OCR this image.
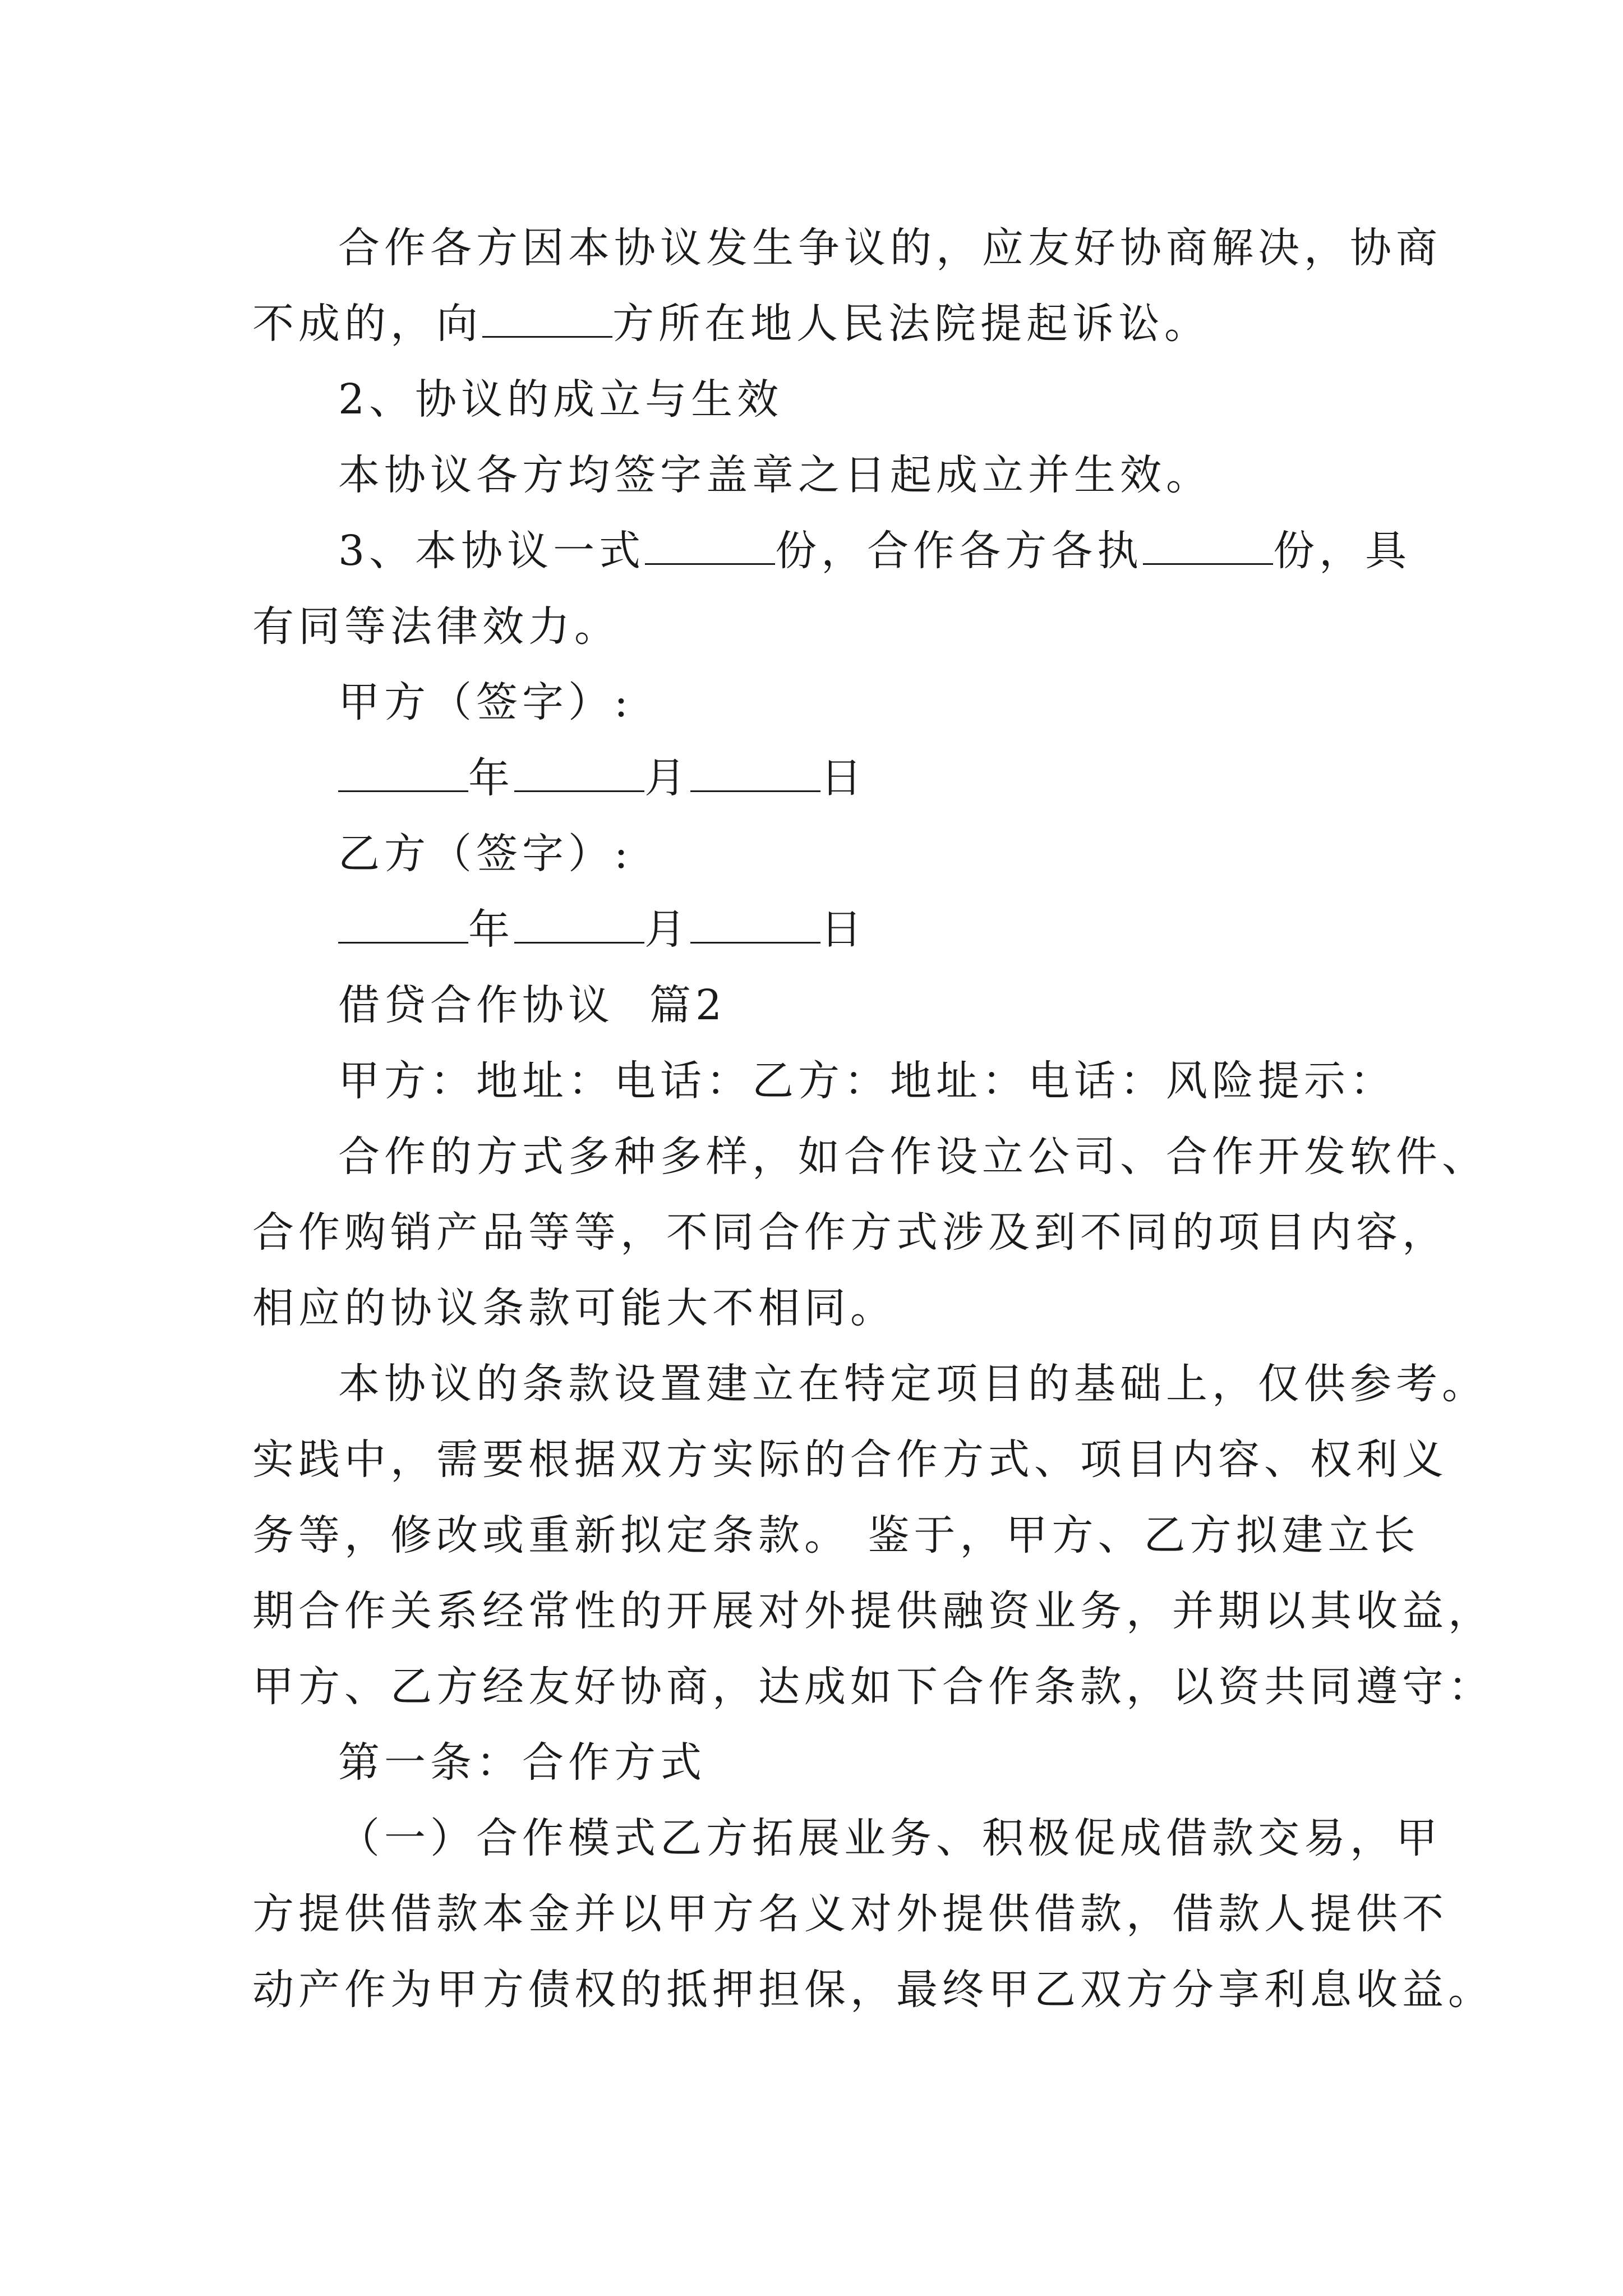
合作各方因本协议发生争议的，应友好协商解决，协商
不成的，向	方所在地人民法院提起诉讼。
2、协议的成立与生效
本协议各方均签字盖章之日起成立并生效。
3、本协议一式	份，合作各方各执	份，具
有同等法律效力。
甲方（签字）:
年	月	日
乙方（签字）:
年	月	日
借贷合作协议  篇2
甲方：地址：电话：乙方：地址：电话：风险提示：
合作的方式多种多样，如合作设立公司、合作开发软件、
合作购销产品等等，不同合作方式涉及到不同的项目内容，
相应的协议条款可能大不相同。
本协议的条款设置建立在特定项目的基础上，仅供参考。
实践中，需要根据双方实际的合作方式、项目内容、权利义
务等，修改或重新拟定条款。 鉴于，甲方、乙方拟建立长
期合作关系经常性的开展对外提供融资业务，并期以其收益，
甲方、乙方经友好协商，达成如下合作条款，以资共同遵守：
第一条：合作方式
（一）合作模式乙方拓展业务、积极促成借款交易，甲
方提供借款本金并以甲方名义对外提供借款，借款人提供不
动产作为甲方债权的抵押担保，最终甲乙双方分享利息收益。
